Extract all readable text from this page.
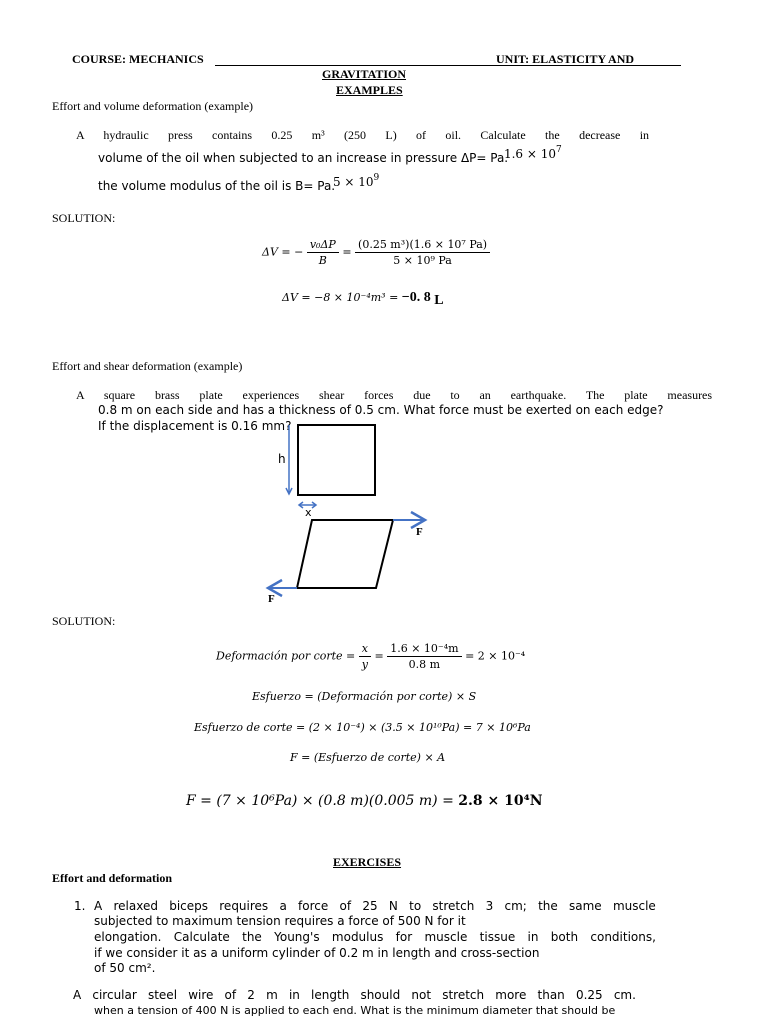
COURSE: MECHANICS	UNIT: ELASTICITY AND
GRAVITATION
EXAMPLES
Effort and volume deformation (example)
A hydraulic press contains 0.25 m³ (250 L) of oil. Calculate the decrease in
volume of the oil when subjected to an increase in pressure ΔP= Pa. $1.6 \times 10^7$
the volume modulus of the oil is B= Pa. $5 \times 10^9$
SOLUTION:
ΔV = − $\frac{\text{v₀ΔP}}{B} = \frac{\text{(0.25 m³)(1.6 × 10⁷ Pa)}}{\text{5 × 10⁹ Pa}}$
ΔV = −8 × 10⁻⁴m³ = −0. 8 L
Effort and shear deformation (example)
A square brass plate experiences shear forces due to an earthquake. The plate measures
0.8 m on each side and has a thickness of 0.5 cm. What force must be exerted on each edge?
If the displacement is 0.16 mm?
h
x
F
F
SOLUTION:
Deformación por corte = $\frac{x}{y} = \frac{\text{1.6 × 10⁻⁴m}}{0.8 m} = 2 \times 10^{-4}$
Esfuerzo = (Deformación por corte) × S
Esfuerzo de corte = (2 × 10⁻⁴) × (3.5 × 10¹⁰Pa) = 7 × 10⁶Pa
F = (Esfuerzo de corte) × A
F = (7 × 10⁶Pa) × (0.8 m)(0.005 m) = 2.8 × 10⁴N
EXERCISES
Effort and deformation
1. A relaxed biceps requires a force of 25 N to stretch 3 cm; the same muscle
subjected to maximum tension requires a force of 500 N for it
elongation. Calculate the Young's modulus for muscle tissue in both conditions,
if we consider it as a uniform cylinder of 0.2 m in length and cross-section
of 50 cm².
A circular steel wire of 2 m in length should not stretch more than 0.25 cm.
when a tension of 400 N is applied to each end. What is the minimum diameter that should be
